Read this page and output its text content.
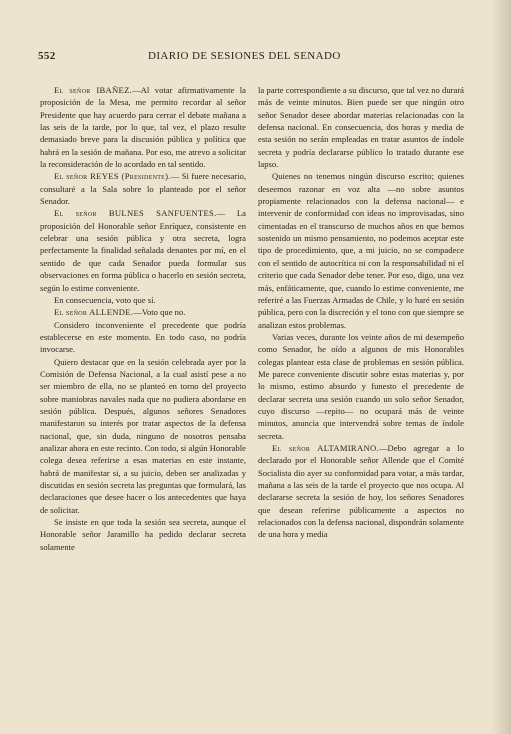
552	DIARIO DE SESIONES DEL SENADO

El señor IBAÑEZ.—Al votar afirmativamente la proposición de la Mesa, me permito recordar al señor Presidente que hay acuerdo para cerrar el debate mañana a las seis de la tarde, por lo que, tal vez, el plazo resulte demasiado breve para la discusión pública y política que habrá en la sesión de mañana. Por eso, me atrevo a solicitar la reconsideración de lo acordado en tal sentido.

El señor REYES (Presidente).— Si fuere necesario, consultaré a la Sala sobre lo planteado por el señor Senador.

El señor BULNES SANFUENTES.— La proposición del Honorable señor Enríquez, consistente en celebrar una sesión pública y otra secreta, logra perfectamente la finalidad señalada denantes por mí, en el sentido de que cada Senador pueda formular sus observaciones en forma pública o hacerlo en sesión secreta, según lo estime conveniente.

En consecuencia, voto que sí.

El señor ALLENDE.—Voto que no.

Considero inconveniente el precedente que podría establecerse en este momento. En todo caso, no podría invocarse.

Quiero destacar que en la sesión celebrada ayer por la Comisión de Defensa Nacional, a la cual asistí pese a no ser miembro de ella, no se planteó en torno del proyecto sobre maniobras navales nada que no pudiera abordarse en sesión pública. Después, algunos señores Senadores manifestaron su interés por tratar aspectos de la defensa nacional, que, sin duda, ninguno de nosotros pensaba analizar ahora en este recinto. Con todo, si algún Honorable colega desea referirse a esas materias en este instante, habrá de manifestar si, a su juicio, deben ser analizadas y discutidas en sesión secreta las preguntas que formulará, las declaraciones que desee hacer o los antecedentes que haya de solicitar.

Se insiste en que toda la sesión sea secreta, aunque el Honorable señor Jaramillo ha pedido declarar secreta solamente

la parte correspondiente a su discurso, que tal vez no durará más de veinte minutos. Bien puede ser que ningún otro señor Senador desee abordar materias relacionadas con la defensa nacional. En consecuencia, dos horas y media de esta sesión no serán empleadas en tratar asuntos de índole secreta y podría declararse público lo tratado durante ese lapso.

Quienes no tenemos ningún discurso escrito; quienes deseemos razonar en voz alta —no sobre asuntos propiamente relacionados con la defensa nacional— e intervenir de conformidad con ideas no improvisadas, sino cimentadas en el transcurso de muchos años en que hemos sostenido un mismo pensamiento, no podemos aceptar este tipo de procedimiento, que, a mi juicio, no se compadece con el sentido de autocrítica ni con la responsabilidad ni el criterio que cada Senador debe tener. Por eso, digo, una vez más, enfáticamente, que, cuando lo estime conveniente, me referiré a las Fuerzas Armadas de Chile, y lo haré en sesión pública, pero con la discreción y el tono con que siempre se analizan estos problemas.

Varias veces, durante los veinte años de mi desempeño como Senador, he oído a algunos de mis Honorables colegas plantear esta clase de problemas en sesión pública. Me parece conveniente discutir sobre estas materias y, por lo mismo, estimo absurdo y funesto el precedente de declarar secreta una sesión cuando un solo señor Senador, cuyo discurso —repito— no ocupará más de veinte minutos, anuncia que intervendrá sobre temas de índole secreta.

El señor ALTAMIRANO.—Debo agregar a lo declarado por el Honorable señor Allende que el Comité Socialista dio ayer su conformidad para votar, a más tardar, mañana a las seis de la tarde el proyecto que nos ocupa. Al declararse secreta la sesión de hoy, los señores Senadores que desean referirse públicamente a aspectos no relacionados con la defensa nacional, dispondrán solamente de una hora y media
